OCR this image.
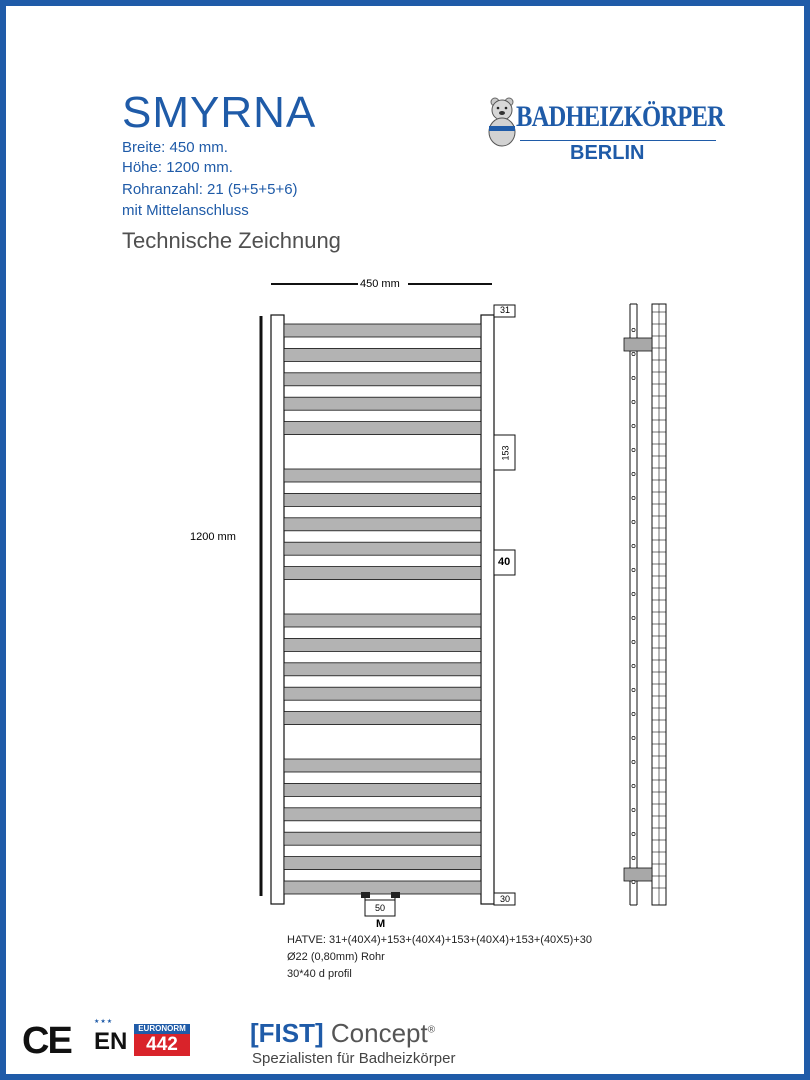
SMYRNA
Breite: 450 mm.
Höhe: 1200 mm.
Rohranzahl: 21 (5+5+5+6)
mit Mittelanschluss
Technische Zeichnung
BADHEIZKÖRPER
BERLIN
450 mm
1200 mm
31
153
40
30
50
M
HATVE: 31+(40X4)+153+(40X4)+153+(40X4)+153+(40X5)+30
Ø22 (0,80mm) Rohr
30*40 d profil
CE	★★★
EURONORM
EN 442	[FIST] Concept®
Spezialisten für Badheizkörper
